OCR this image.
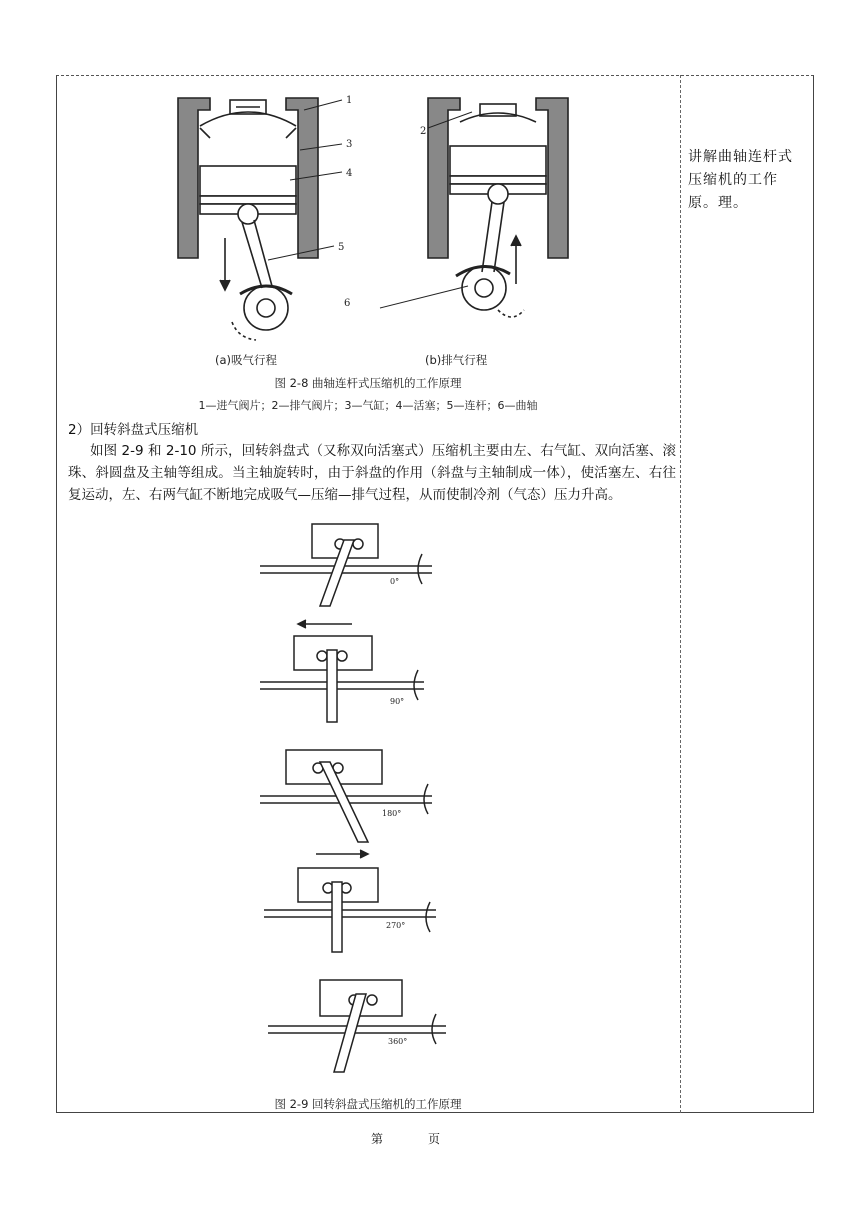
讲解曲轴连杆式压缩机的工作原。理。
1
3
4
5
2
6
(a)吸气行程	(b)排气行程
图 2-8 曲轴连杆式压缩机的工作原理
1—进气阀片；2—排气阀片；3—气缸；4—活塞；5—连杆；6—曲轴
2）回转斜盘式压缩机

如图 2-9 和 2-10 所示，回转斜盘式（又称双向活塞式）压缩机主要由左、右气缸、双向活塞、滚珠、斜圆盘及主轴等组成。当主轴旋转时，由于斜盘的作用（斜盘与主轴制成一体），使活塞左、右往复运动，左、右两气缸不断地完成吸气—压缩—排气过程，从而使制冷剂（气态）压力升高。

0°
90°
180°
270°
360°
图 2-9 回转斜盘式压缩机的工作原理
第	页
